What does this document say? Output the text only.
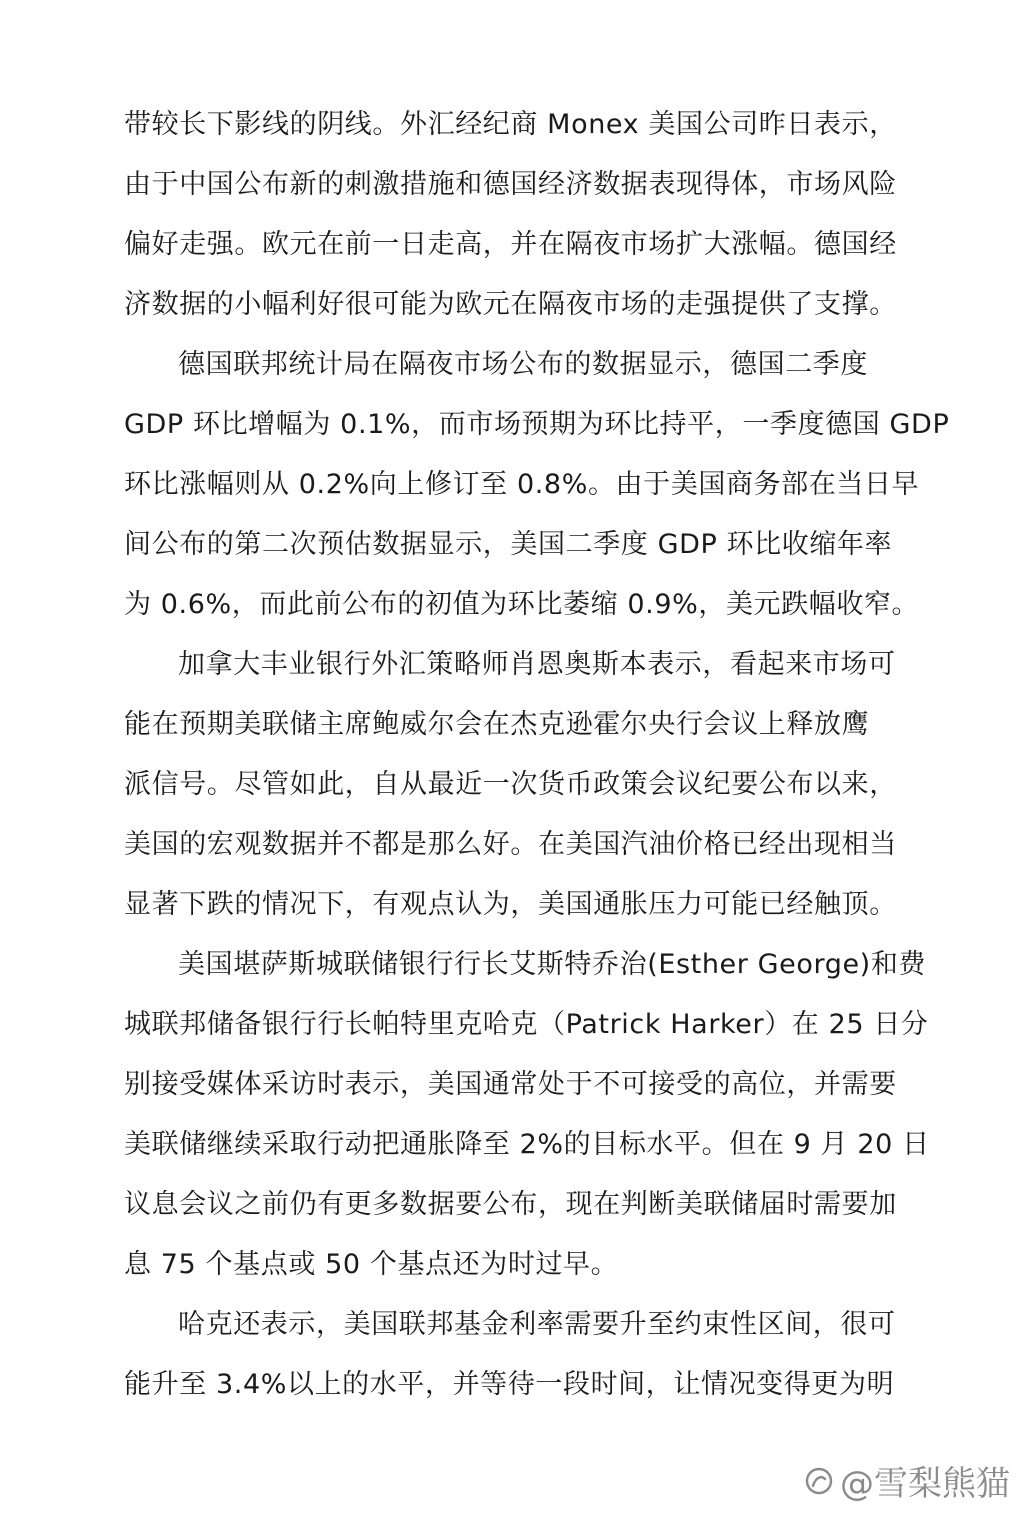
带较长下影线的阴线。外汇经纪商 Monex 美国公司昨日表示，
由于中国公布新的刺激措施和德国经济数据表现得体，市场风险
偏好走强。欧元在前一日走高，并在隔夜市场扩大涨幅。德国经
济数据的小幅利好很可能为欧元在隔夜市场的走强提供了支撑。
德国联邦统计局在隔夜市场公布的数据显示，德国二季度
GDP 环比增幅为 0.1%，而市场预期为环比持平，一季度德国 GDP
环比涨幅则从 0.2%向上修订至 0.8%。由于美国商务部在当日早
间公布的第二次预估数据显示，美国二季度 GDP 环比收缩年率
为 0.6%，而此前公布的初值为环比萎缩 0.9%，美元跌幅收窄。
加拿大丰业银行外汇策略师肖恩奥斯本表示，看起来市场可
能在预期美联储主席鲍威尔会在杰克逊霍尔央行会议上释放鹰
派信号。尽管如此，自从最近一次货币政策会议纪要公布以来，
美国的宏观数据并不都是那么好。在美国汽油价格已经出现相当
显著下跌的情况下，有观点认为，美国通胀压力可能已经触顶。
美国堪萨斯城联储银行行长艾斯特乔治(Esther George)和费
城联邦储备银行行长帕特里克哈克（Patrick Harker）在 25 日分
别接受媒体采访时表示，美国通常处于不可接受的高位，并需要
美联储继续采取行动把通胀降至 2%的目标水平。但在 9 月 20 日
议息会议之前仍有更多数据要公布，现在判断美联储届时需要加
息 75 个基点或 50 个基点还为时过早。
哈克还表示，美国联邦基金利率需要升至约束性区间，很可
能升至 3.4%以上的水平，并等待一段时间，让情况变得更为明
@雪梨熊猫
